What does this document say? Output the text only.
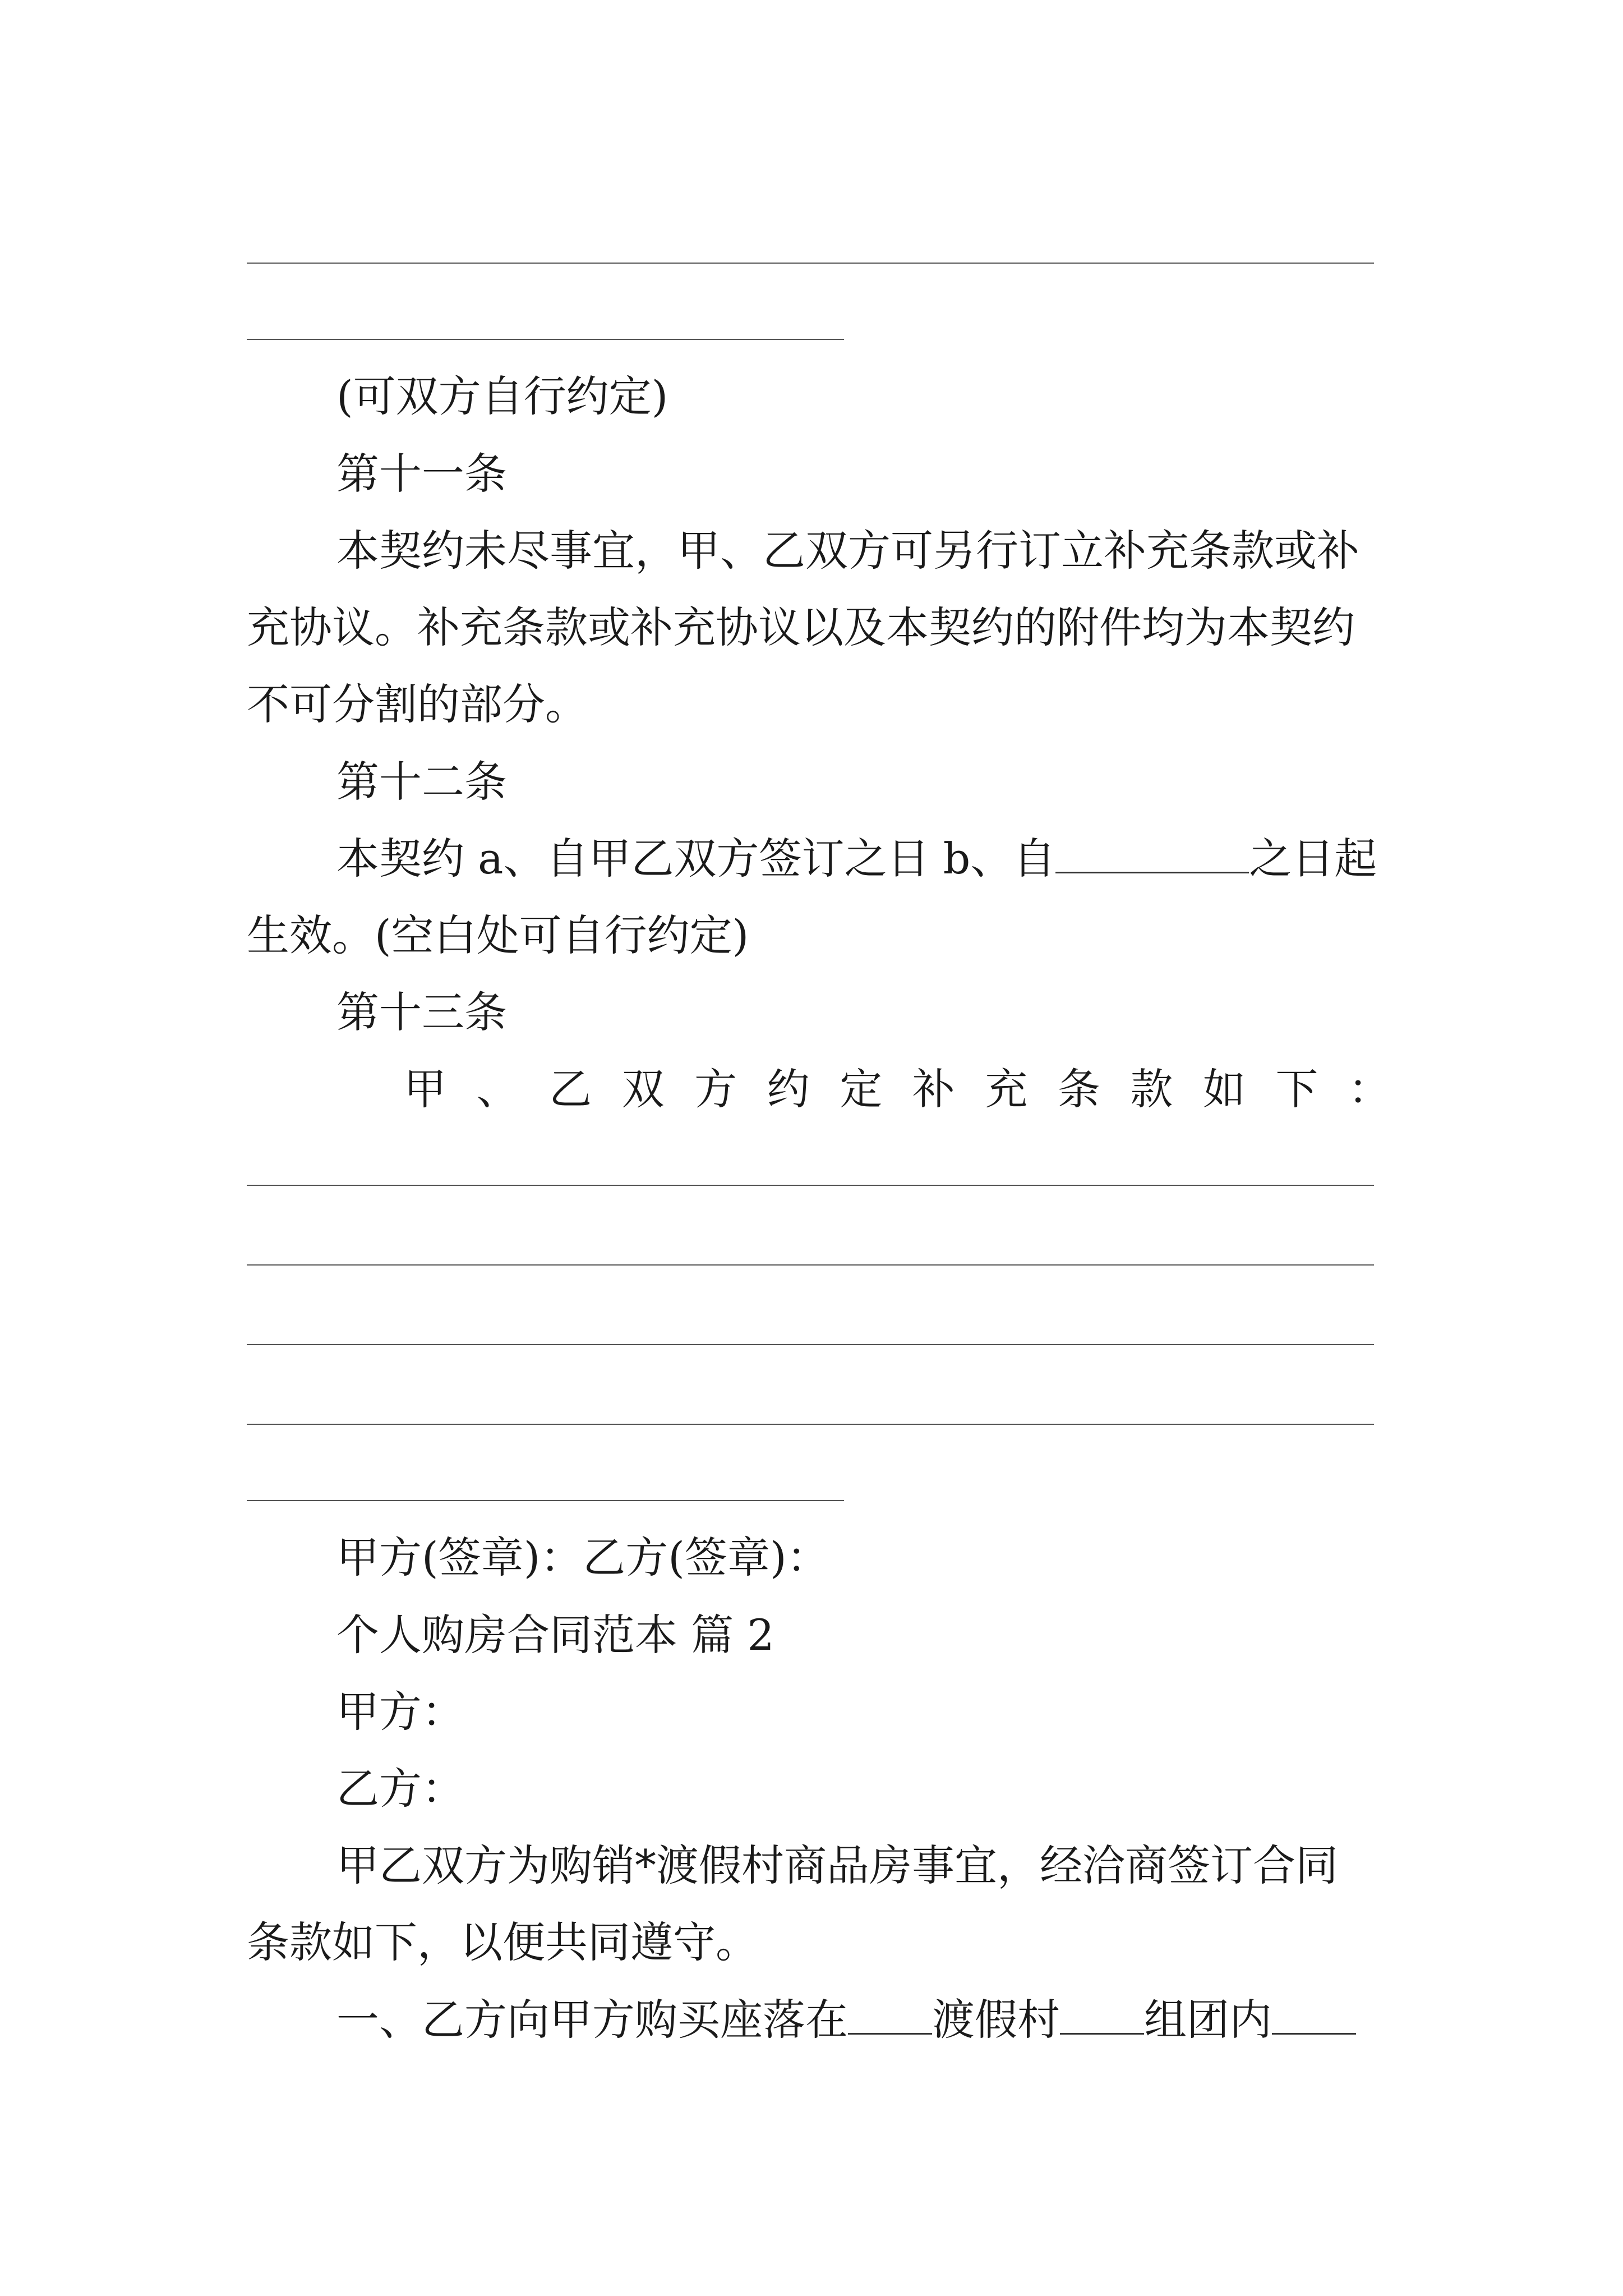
(可双方自行约定)
第十一条
本契约未尽事宜，甲、乙双方可另行订立补充条款或补
充协议。补充条款或补充协议以及本契约的附件均为本契约
不可分割的部分。
第十二条
本契约 a、自甲乙双方签订之日 b、自	之日起
生效。(空白处可自行约定)
第十三条
甲 、 乙 双 方 约 定 补 充 条 款 如 下 ：
甲方(签章)：乙方(签章)：
个人购房合同范本 篇 2
甲方：
乙方：
甲乙双方为购销*渡假村商品房事宜，经洽商签订合同
条款如下，以便共同遵守。
一、乙方向甲方购买座落在 渡假村 组团内
